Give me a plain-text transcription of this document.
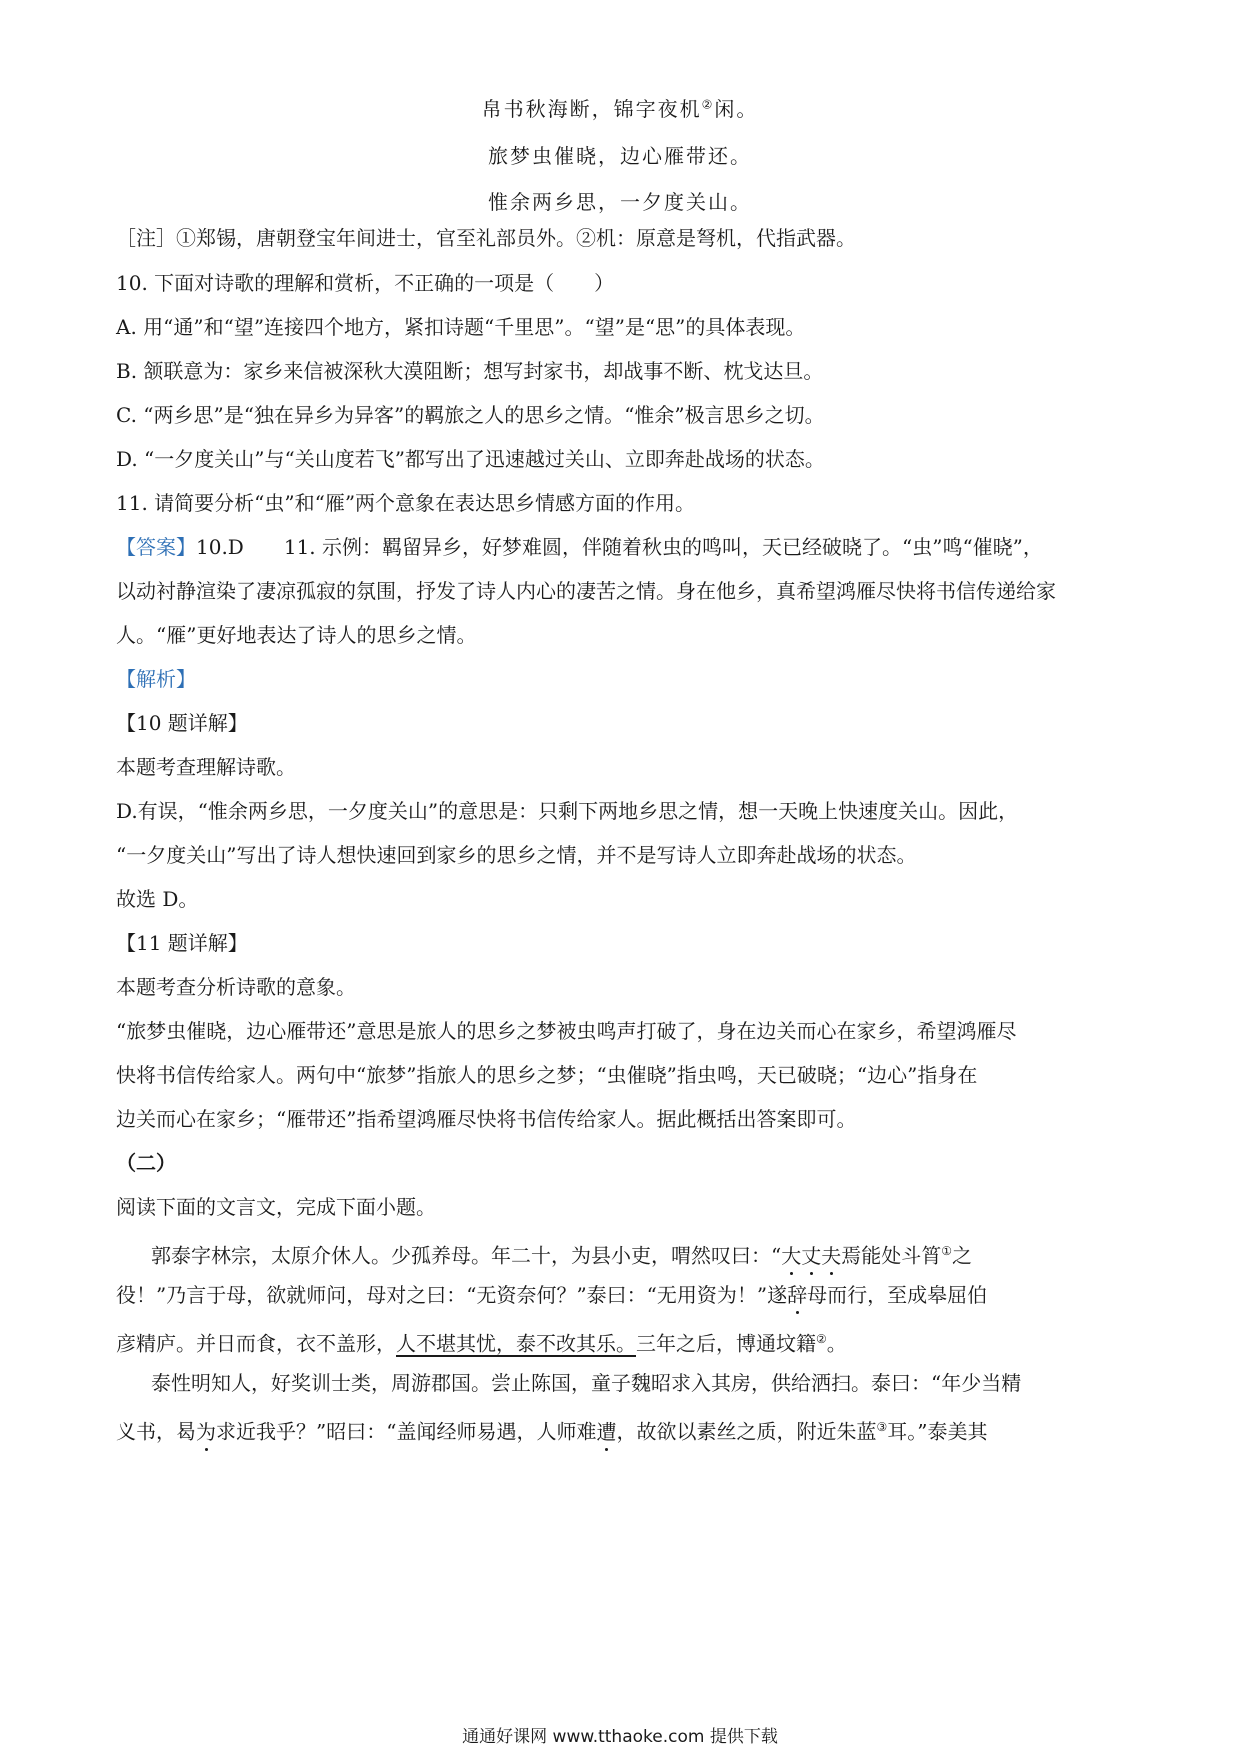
帛书秋海断，锦字夜机②闲。
旅梦虫催晓，边心雁带还。
惟余两乡思，一夕度关山。
［注］①郑锡，唐朝登宝年间进士，官至礼部员外。②机：原意是弩机，代指武器。
10. 下面对诗歌的理解和赏析，不正确的一项是（　　）
A. 用“通”和“望”连接四个地方，紧扣诗题“千里思”。“望”是“思”的具体表现。
B. 颔联意为：家乡来信被深秋大漠阻断；想写封家书，却战事不断、枕戈达旦。
C. “两乡思”是“独在异乡为异客”的羁旅之人的思乡之情。“惟余”极言思乡之切。
D. “一夕度关山”与“关山度若飞”都写出了迅速越过关山、立即奔赴战场的状态。
11. 请简要分析“虫”和“雁”两个意象在表达思乡情感方面的作用。
【答案】10.D　　11. 示例：羁留异乡，好梦难圆，伴随着秋虫的鸣叫，天已经破晓了。“虫”鸣“催晓”，
以动衬静渲染了凄凉孤寂的氛围，抒发了诗人内心的凄苦之情。身在他乡，真希望鸿雁尽快将书信传递给家
人。“雁”更好地表达了诗人的思乡之情。
【解析】
【10 题详解】
本题考查理解诗歌。
D.有误，“惟余两乡思，一夕度关山”的意思是：只剩下两地乡思之情，想一天晚上快速度关山。因此，
“一夕度关山”写出了诗人想快速回到家乡的思乡之情，并不是写诗人立即奔赴战场的状态。
故选 D。
【11 题详解】
本题考查分析诗歌的意象。
“旅梦虫催晓，边心雁带还”意思是旅人的思乡之梦被虫鸣声打破了，身在边关而心在家乡，希望鸿雁尽
快将书信传给家人。两句中“旅梦”指旅人的思乡之梦；“虫催晓”指虫鸣，天已破晓；“边心”指身在
边关而心在家乡；“雁带还”指希望鸿雁尽快将书信传给家人。据此概括出答案即可。
（二）
阅读下面的文言文，完成下面小题。
郭泰字林宗，太原介休人。少孤养母。年二十，为县小吏，喟然叹曰：“大丈夫焉能处斗筲①之
役！”乃言于母，欲就师问，母对之曰：“无资奈何？”泰曰：“无用资为！”遂辞母而行，至成皋屈伯
彦精庐。并日而食，衣不盖形，人不堪其忧，泰不改其乐。三年之后，博通坟籍②。
泰性明知人，好奖训士类，周游郡国。尝止陈国，童子魏昭求入其房，供给洒扫。泰曰：“年少当精
义书，曷为求近我乎？”昭曰：“盖闻经师易遇，人师难遭，故欲以素丝之质，附近朱蓝③耳。”泰美其
通通好课网 www.tthaoke.com 提供下载
